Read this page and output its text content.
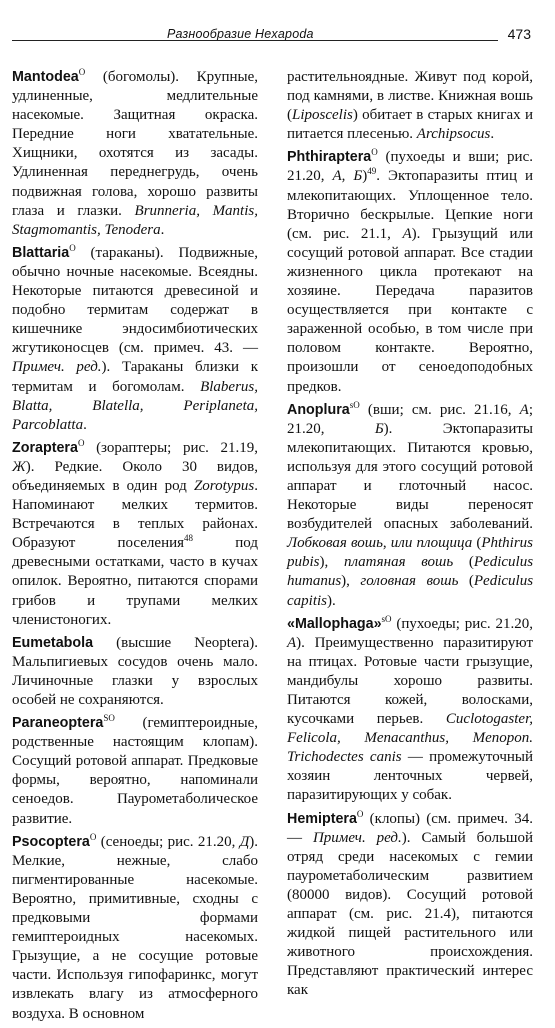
Разнообразие Hexapoda	473

Mantodea$^O$ (богомолы). Крупные, удлиненные, медлительные насекомые. Защитная окраска. Передние ноги хватательные. Хищники, охотятся из засады. Удлиненная переднегрудь, очень подвижная голова, хорошо развиты глаза и глазки. Brunneria, Mantis, Stagmomantis, Tenodera.

Blattaria$^O$ (тараканы). Подвижные, обычно ночные насекомые. Всеядны. Некоторые питаются древесиной и подобно термитам содержат в кишечнике эндосимбиотических жгутиконосцев (см. примеч. 43. — Примеч. ред.). Тараканы близки к термитам и богомолам. Blaberus, Blatta, Blatella, Periplaneta, Parcoblatta.

Zoraptera$^O$ (зораптеры; рис. 21.19, Ж). Редкие. Около 30 видов, объединяемых в один род Zorotypus. Напоминают мелких термитов. Встречаются в теплых районах. Образуют поселения$^{48}$ под древесными остатками, часто в кучах опилок. Вероятно, питаются спорами грибов и трупами мелких членистоногих.

Eumetabola (высшие Neoptera). Мальпигиевых сосудов очень мало. Личиночные глазки у взрослых особей не сохраняются.

Paraneoptera$^{SO}$ (гемиптероидные, родственные настоящим клопам). Сосущий ротовой аппарат. Предковые формы, вероятно, напоминали сеноедов. Паурометаболическое развитие.

Psocoptera$^O$ (сеноеды; рис. 21.20, Д). Мелкие, нежные, слабо пигментированные насекомые. Вероятно, примитивные, сходны с предковыми формами гемиптероидных насекомых. Грызущие, а не сосущие ротовые части. Используя гипофаринкс, могут извлекать влагу из атмосферного воздуха. В основном

растительноядные. Живут под корой, под камнями, в листве. Книжная вошь (Liposcelis) обитает в старых книгах и питается плесенью. Archipsocus.

Phthiraptera$^O$ (пухоеды и вши; рис. 21.20, А, Б)$^{49}$. Эктопаразиты птиц и млекопитающих. Уплощенное тело. Вторично бескрылые. Цепкие ноги (см. рис. 21.1, А). Грызущий или сосущий ротовой аппарат. Все стадии жизненного цикла протекают на хозяине. Передача паразитов осуществляется при контакте с зараженной особью, в том числе при половом контакте. Вероятно, произошли от сеноедоподобных предков.

Anoplura$^{sO}$ (вши; см. рис. 21.16, А; 21.20, Б). Эктопаразиты млекопитающих. Питаются кровью, используя для этого сосущий ротовой аппарат и глоточный насос. Некоторые виды переносят возбудителей опасных заболеваний. Лобковая вошь, или площица (Phthirus pubis), платяная вошь (Pediculus humanus), головная вошь (Pediculus capitis).

«Mallophaga»$^{sO}$ (пухоеды; рис. 21.20, А). Преимущественно паразитируют на птицах. Ротовые части грызущие, мандибулы хорошо развиты. Питаются кожей, волосками, кусочками перьев. Cuclotogaster, Felicola, Menacanthus, Menopon. Trichodectes canis — промежуточный хозяин ленточных червей, паразитирующих у собак.

Hemiptera$^O$ (клопы) (см. примеч. 34. — Примеч. ред.). Самый большой отряд среди насекомых с гемии паурометаболическим развитием (80000 видов). Сосущий ротовой аппарат (см. рис. 21.4), питаются жидкой пищей растительного или животного происхождения. Представляют практический интерес как
